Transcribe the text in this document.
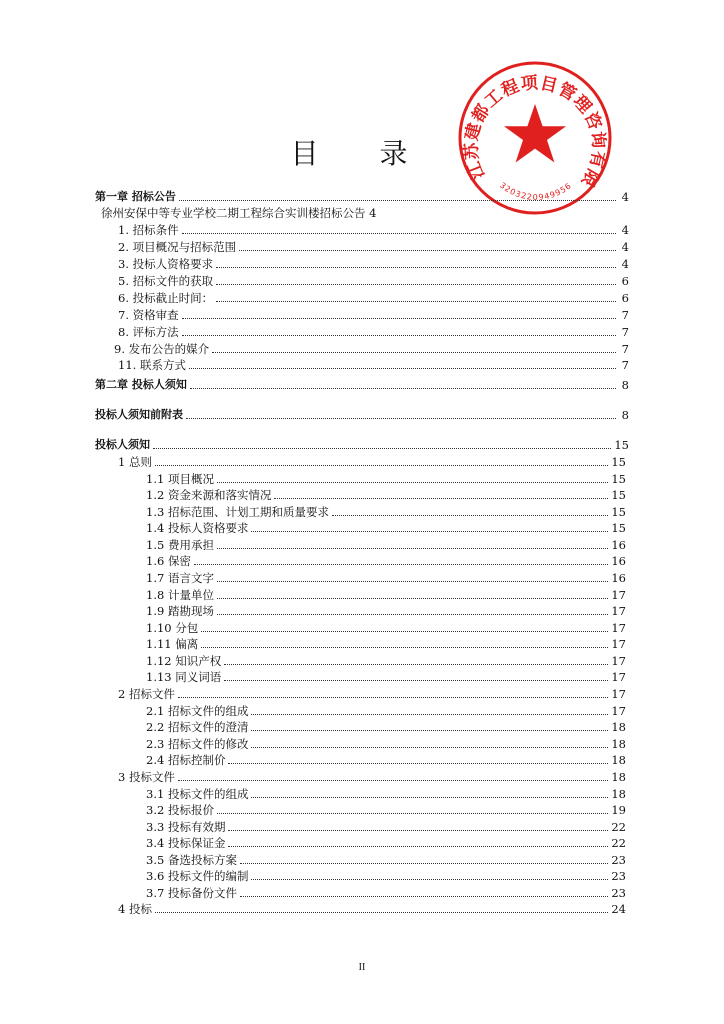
目 录	江苏建都工程项目管理咨询有限
3203220949956
第一章 招标公告	4
徐州安保中等专业学校二期工程综合实训楼招标公告 4
1. 招标条件	4
2. 项目概况与招标范围	4
3. 投标人资格要求	4
5. 招标文件的获取	6
6. 投标截止时间：	6
7. 资格审查	7
8. 评标方法	7
9. 发布公告的媒介	7
11. 联系方式	7
第二章 投标人须知	8
投标人须知前附表	8
投标人须知	15
1 总则	15
1.1 项目概况	15
1.2 资金来源和落实情况	15
1.3 招标范围、计划工期和质量要求	15
1.4 投标人资格要求	15
1.5 费用承担	16
1.6 保密	16
1.7 语言文字	16
1.8 计量单位	17
1.9 踏勘现场	17
1.10 分包	17
1.11 偏离	17
1.12 知识产权	17
1.13 同义词语	17
2 招标文件	17
2.1 招标文件的组成	17
2.2 招标文件的澄清	18
2.3 招标文件的修改	18
2.4 招标控制价	18
3 投标文件	18
3.1 投标文件的组成	18
3.2 投标报价	19
3.3 投标有效期	22
3.4 投标保证金	22
3.5 备选投标方案	23
3.6 投标文件的编制	23
3.7 投标备份文件	23
4 投标	24
II
